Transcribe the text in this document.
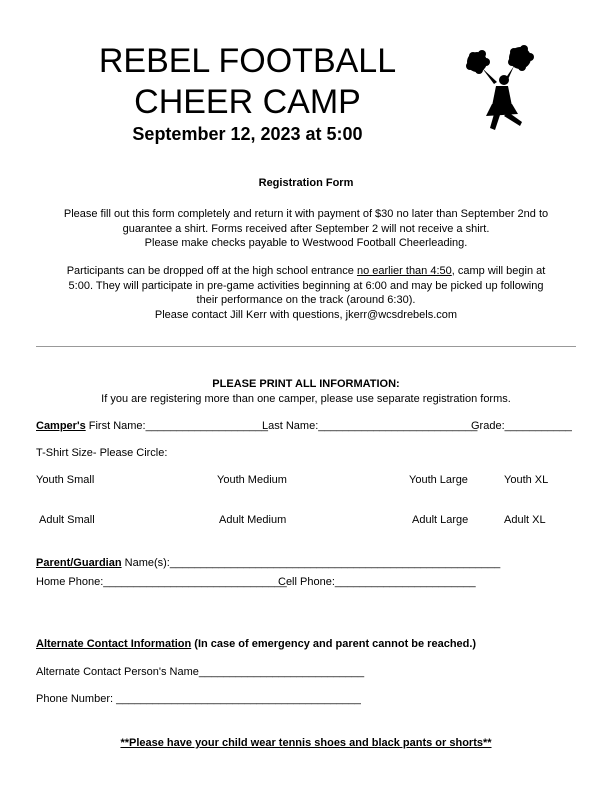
REBEL FOOTBALL
CHEER CAMP
September 12, 2023 at 5:00
Registration Form
Please fill out this form completely and return it with payment of $30 no later than September 2nd to
guarantee a shirt. Forms received after September 2 will not receive a shirt.
Please make checks payable to Westwood Football Cheerleading.
Participants can be dropped off at the high school entrance no earlier than 4:50, camp will begin at
5:00. They will participate in pre-game activities beginning at 6:00 and may be picked up following
their performance on the track (around 6:30).
Please contact Jill Kerr with questions, jkerr@wcsdrebels.com
PLEASE PRINT ALL INFORMATION:
If you are registering more than one camper, please use separate registration forms.
Camper's First Name:____________________
Last Name:__________________________
Grade:___________
T-Shirt Size- Please Circle:
Youth Small	Youth Medium	Youth Large	Youth XL
Adult Small	Adult Medium	Adult Large	Adult XL
Parent/Guardian Name(s):______________________________________________________
Home Phone:______________________________
Cell Phone:_______________________
Alternate Contact Information (In case of emergency and parent cannot be reached.)
Alternate Contact Person's Name___________________________
Phone Number: ________________________________________
**Please have your child wear tennis shoes and black pants or shorts**
